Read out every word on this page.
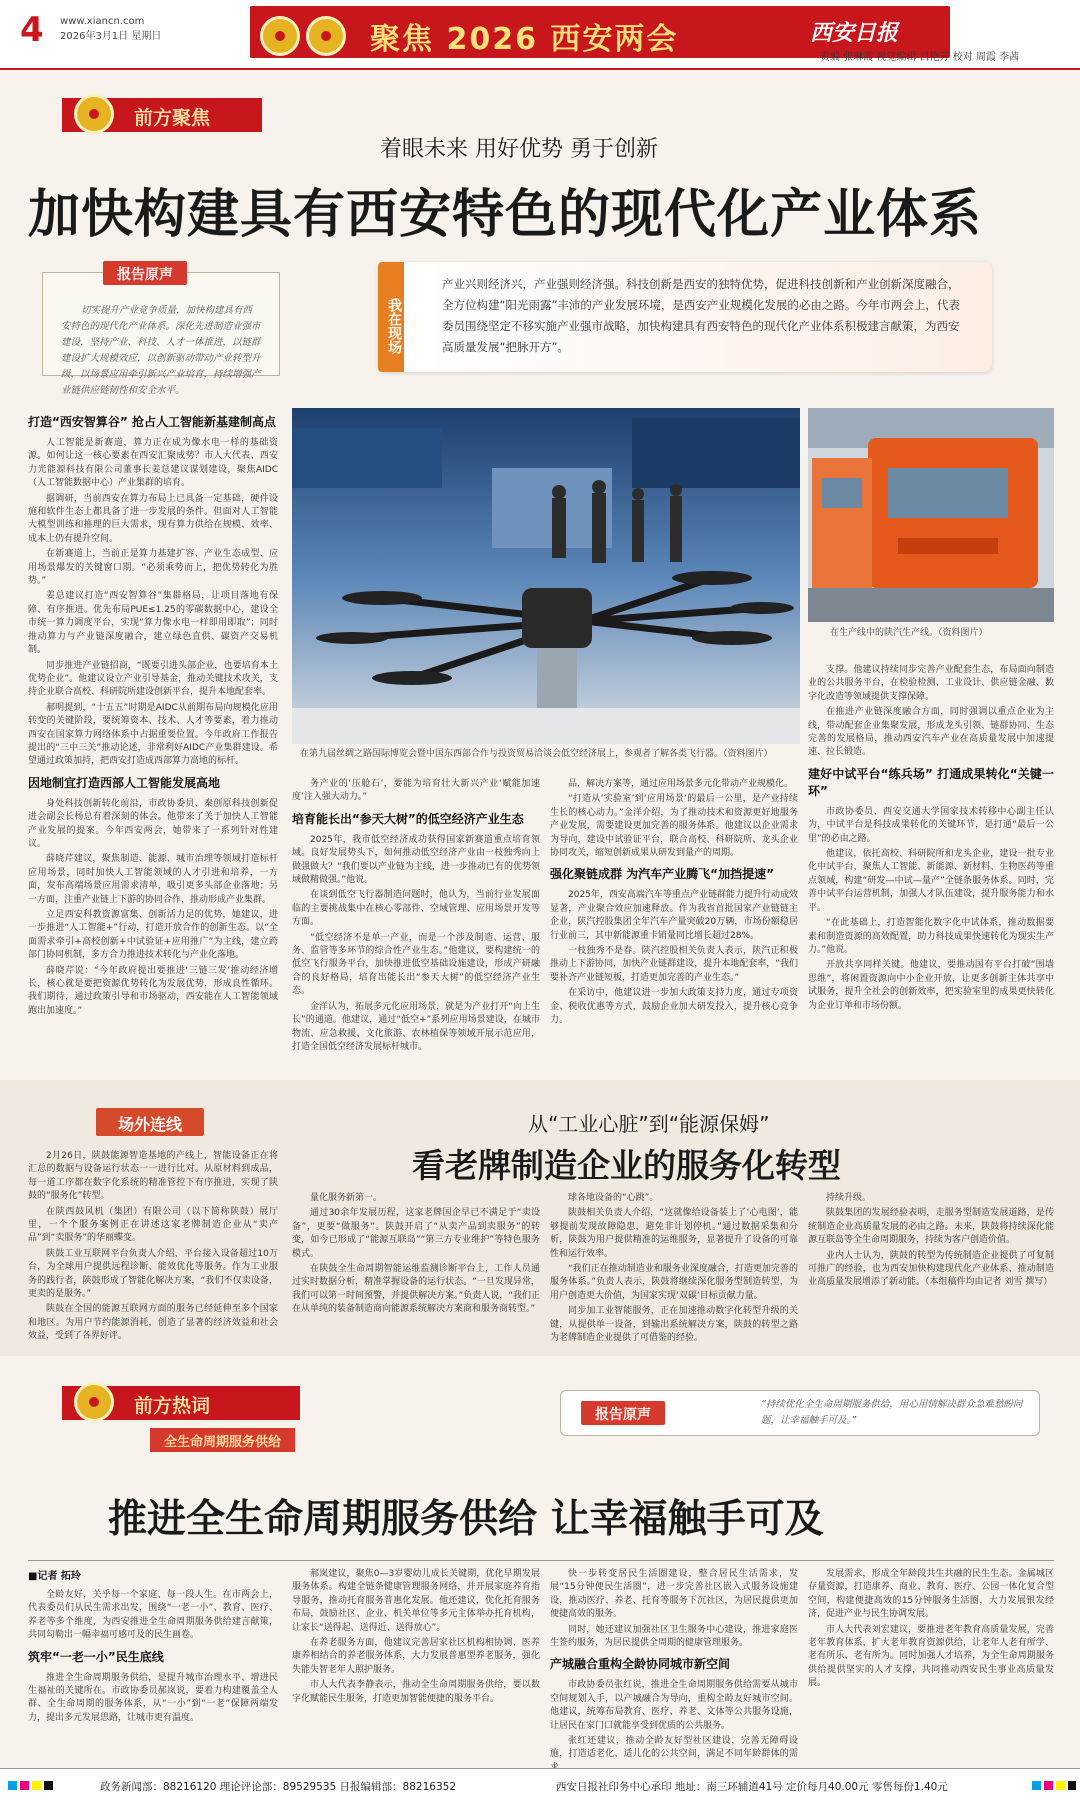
4 www.xiancn.com
2026年3月1日 星期日	聚焦 2026 西安两会	西安日报
责编 张琳霞 视觉编辑 吕艳芳 校对 周霞 李茜
前方聚焦
着眼未来 用好优势 勇于创新
加快构建具有西安特色的现代化产业体系
报告原声
切实提升产业竞争质量，加快构建具有西安特色的现代化产业体系。深化先进制造业强市建设，坚持产业、科技、人才一体推进，以链群建设扩大规模效应，以创新驱动带动产业转型升级，以场景应用牵引新兴产业培育，持续增强产业链供应链韧性和安全水平。
我在现场
产业兴则经济兴，产业强则经济强。科技创新是西安的独特优势，促进科技创新和产业创新深度融合，全方位构建“阳光雨露”丰沛的产业发展环境，是西安产业规模化发展的必由之路。今年市两会上，代表委员围绕坚定不移实施产业强市战略，加快构建具有西安特色的现代化产业体系积极建言献策，为西安高质量发展“把脉开方”。
打造“西安智算谷” 抢占人工智能新基建制高点

人工智能是新赛道，算力正在成为像水电一样的基础资源。如何让这一核心要素在西安汇聚成势？市人大代表、西安力光能源科技有限公司董事长姜总建议谋划建设，聚焦AIDC（人工智能数据中心）产业集群的培育。

据调研，当前西安在算力布局上已具备一定基础，硬件设施和软件生态上都具备了进一步发展的条件。但面对人工智能大模型训练和推理的巨大需求，现有算力供给在规模、效率、成本上仍有提升空间。

在新赛道上，当前正是算力基建扩容、产业生态成型、应用场景爆发的关键窗口期。“必须乘势而上，把优势转化为胜势。”

姜总建议打造“西安智算谷”集群格局，让项目落地有保障、有序推进。优先布局PUE≤1.25的零碳数据中心，建设全市统一算力调度平台，实现“算力像水电一样即用即取”；同时推动算力与产业链深度融合，建立绿色直供、碳资产交易机制。

同步推进产业链招商，“既要引进头部企业，也要培育本土优势企业”。他建议设立产业引导基金，推动关键技术攻关，支持企业联合高校、科研院所建设创新平台，提升本地配套率。

郝明提到，“十五五”时期是AIDC从前期布局向规模化应用转变的关键阶段，要统筹资本、技术、人才等要素，着力推动西安在国家算力网络体系中占据重要位置。今年政府工作报告提出的“三中三关”推动论述，非常利好AIDC产业集群建设。希望通过政策加持，把西安打造成西部算力高地的标杆。

因地制宜打造西部人工智能发展高地

身处科技创新转化前沿，市政协委员、秦创原科技创新促进会副会长杨总有着深刻的体会。他带来了关于加快人工智能产业发展的提案。今年西安两会，她带来了一系列针对性建议。

薛晓芹建议，聚焦制造、能源、城市治理等领域打造标杆应用场景，同时加快人工智能领域的人才引进和培养，一方面，发布高端场景应用需求清单，吸引更多头部企业落地；另一方面，注重产业链上下游的协同合作，推动形成产业集群。

立足西安科教资源富集、创新活力足的优势，她建议，进一步推进“人工智能+”行动，打造开放合作的创新生态。以“全面需求牵引+高校创新+中试验证+应用推广”为主线，建立跨部门协同机制，多方合力推进技术转化与产业化落地。

薛晓芹说：“今年政府提出要推进‘三链三发’推动经济增长，核心就是要把资源优势转化为发展优势，形成良性循环。我们期待，通过政策引导和市场驱动，西安能在人工智能领域跑出加速度。”

在第九届丝绸之路国际博览会暨中国东西部合作与投资贸易洽谈会低空经济展上，参观者了解各类飞行器。（资料图片）
在生产线中的陕汽生产线。（资料图片）

务产业的‘压舱石’，要能为培育壮大新兴产业‘赋能加速度’注入强大动力。”

培育能长出“参天大树”的低空经济产业生态

2025年，我市低空经济成功获得国家新赛道重点培育领域。良好发展势头下，如何推动低空经济产业由一枝独秀向上做强做大？“我们要以产业链为主线，进一步推动已有的优势领域做精做强。”他说。

在谈到低空飞行器制造问题时，他认为，当前行业发展面临的主要挑战集中在核心零部件、空域管理、应用场景开发等方面。

“低空经济不是单一产业，而是一个涉及制造、运营、服务、监管等多环节的综合性产业生态。”他建议，要构建统一的低空飞行服务平台，加快推进低空基础设施建设，形成产研融合的良好格局，培育出能长出“参天大树”的低空经济产业生态。

金洋认为，拓展多元化应用场景，就是为产业打开“向上生长”的通道。他建议，通过“低空+”系列应用场景建设，在城市物流、应急救援、文化旅游、农林植保等领域开展示范应用，打造全国低空经济发展标杆城市。

品，解决方案等，通过应用场景多元化带动产业规模化。

“打造从‘实验室’到‘应用场景’的最后一公里，是产业持续生长的核心动力。”金洋介绍，为了推动技术和资源更好地服务产业发展，需要建设更加完善的服务体系。他建议以企业需求为导向，建设中试验证平台，联合高校、科研院所、龙头企业协同攻关，缩短创新成果从研发到量产的周期。

强化聚链成群 为汽车产业腾飞“加挡提速”

2025年，西安高端汽车等重点产业链群能力提升行动成效显著，产业聚合效应加速释放。作为我省首批国家产业链链主企业，陕汽控股集团全年汽车产量突破20万辆，市场份额稳居行业前三，其中新能源重卡销量同比增长超过28%。

一枝独秀不是春。陕汽控股相关负责人表示，陕汽正积极推动上下游协同，加快产业链群建设，提升本地配套率，“我们要补齐产业链短板，打造更加完善的产业生态。”

在采访中，他建议进一步加大政策支持力度，通过专项资金、税收优惠等方式，鼓励企业加大研发投入，提升核心竞争力。

支撑。他建议持续同步完善产业配套生态，布局面向制造业的公共服务平台，在检验检测、工业设计、供应链金融、数字化改造等领域提供支撑保障。

在推进产业链深度融合方面，同时强调以重点企业为主线，带动配套企业集聚发展，形成龙头引领、链群协同、生态完善的发展格局，推动西安汽车产业在高质量发展中加速提速、拉长锻造。

建好中试平台“练兵场” 打通成果转化“关键一环”

市政协委员、西安交通大学国家技术转移中心副主任认为，中试平台是科技成果转化的关键环节，是打通“最后一公里”的必由之路。

他建议，依托高校、科研院所和龙头企业，建设一批专业化中试平台，聚焦人工智能、新能源、新材料、生物医药等重点领域，构建“研发—中试—量产”全链条服务体系。同时，完善中试平台运营机制，加强人才队伍建设，提升服务能力和水平。

“在此基础上，打造智能化数字化中试体系，推动数据要素和制造资源的高效配置，助力科技成果快速转化为现实生产力。”他说。

开放共享同样关键。他建议，要推动国有平台打破“围墙思维”，将闲置资源向中小企业开放，让更多创新主体共享中试服务，提升全社会的创新效率，把实验室里的成果更快转化为企业订单和市场份额。

场外连线	从“工业心脏”到“能源保姆”
看老牌制造企业的服务化转型

2月26日，陕鼓能源智造基地的产线上，智能设备正在将汇总的数据与设备运行状态一一进行比对。从原材料到成品，每一道工序都在数字化系统的精准管控下有序推进，实现了陕鼓的“服务化”转型。

在陕西鼓风机（集团）有限公司（以下简称陕鼓）展厅里，一个个服务案例正在讲述这家老牌制造企业从“卖产品”到“卖服务”的华丽蝶变。

陕鼓工业互联网平台负责人介绍，平台接入设备超过10万台，为全球用户提供远程诊断、能效优化等服务。作为工业服务的践行者，陕鼓形成了智能化解决方案，“我们不仅卖设备，更卖的是服务。”

陕鼓在全国的能源互联网方面的服务已经延伸至多个国家和地区。为用户节约能源消耗，创造了显著的经济效益和社会效益，受到了各界好评。

量化服务新第一。

通过30余年发展历程，这家老牌国企早已不满足于“卖设备”，更要“做服务”。陕鼓开启了“从卖产品到卖服务”的转变，如今已形成了“能源互联岛”“第三方专业维护”等特色服务模式。

在陕鼓全生命周期智能运维监测诊断平台上，工作人员通过实时数据分析，精准掌握设备的运行状态。“一旦发现异常，我们可以第一时间预警，并提供解决方案。”负责人说，“我们正在从单纯的装备制造商向能源系统解决方案商和服务商转型。”

球各地设备的“心跳”。

陕鼓相关负责人介绍，“这就像给设备装上了‘心电图’，能够提前发现故障隐患，避免非计划停机。”通过数据采集和分析，陕鼓为用户提供精准的运维服务，显著提升了设备的可靠性和运行效率。

“我们正在推动制造业和服务业深度融合，打造更加完善的服务体系。”负责人表示，陕鼓将继续深化服务型制造转型，为用户创造更大价值，为国家实现‘双碳’目标贡献力量。

同步加工业智能服务，正在加速推动数字化转型升级的关键，从提供单一设备，到输出系统解决方案，陕鼓的转型之路为老牌制造企业提供了可借鉴的经验。

持续升级。

陕鼓集团的发展经验表明，走服务型制造发展道路，是传统制造企业高质量发展的必由之路。未来，陕鼓将持续深化能源互联岛等全生命周期服务，持续为客户创造价值。

业内人士认为，陕鼓的转型为传统制造企业提供了可复制可推广的经验，也为西安加快构建现代化产业体系、推动制造业高质量发展增添了新动能。（本组稿件均由记者 刘雪 撰写）

前方热词
全生命周期服务供给
报告原声
“持续优化全生命周期服务供给，用心用情解决群众急难愁盼问题，让幸福触手可及。”
推进全生命周期服务供给 让幸福触手可及
■记者 拓玲

全龄友好，关乎每一个家庭、每一段人生。在市两会上，代表委员们从民生需求出发，围绕“一老一小”、教育、医疗、养老等多个维度，为西安推进全生命周期服务供给建言献策，共同勾勒出一幅幸福可感可及的民生画卷。

筑牢“一老一小”民生底线

推进全生命周期服务供给，是提升城市治理水平、增进民生福祉的关键所在。市政协委员郝岚说，要着力构建覆盖全人群、全生命周期的服务体系，从“一小”到“一老”保障两端发力，提出多元发展思路，让城市更有温度。

郝岚建议，聚焦0—3岁婴幼儿成长关键期，优化早期发展服务体系。构建全链条健康管理服务网络，并开展家庭养育指导服务，推动托育服务普惠化发展。他还建议，优化托育服务布局，鼓励社区、企业、机关单位等多元主体举办托育机构，让家长“送得起、送得近、送得放心”。

在养老服务方面，他建议完善居家社区机构相协调、医养康养相结合的养老服务体系，大力发展普惠型养老服务，强化失能失智老年人照护服务。

市人大代表李静表示，推动全生命周期服务供给，要以数字化赋能民生服务，打造更加智能便捷的服务平台。

快一步转变居民生活圈建设，整合居民生活需求，发展“15分钟便民生活圈”，进一步完善社区嵌入式服务设施建设，推动医疗、养老、托育等服务下沉社区，为居民提供更加便捷高效的服务。

同时，她还建议加强社区卫生服务中心建设，推进家庭医生签约服务，为居民提供全周期的健康管理服务。

产城融合重构全龄协同城市新空间

市政协委员张红说，推进全生命周期服务供给需要从城市空间规划入手，以产城融合为导向，重构全龄友好城市空间。他建议，统筹布局教育、医疗、养老、文体等公共服务设施，让居民在家门口就能享受到优质的公共服务。

张红还建议，推动全龄友好型社区建设，完善无障碍设施，打造适老化、适儿化的公共空间，满足不同年龄群体的需

发展需求，形成全年龄段共生共融的民生生态。金属城区存量资源，打造康养、商业、教育、医疗、公园一体化复合型空间，构建便捷高效的15分钟服务生活圈，大力发展银发经济，促进产业与民生协调发展。

市人大代表刘宏建议，要推进老年教育高质量发展，完善老年教育体系，扩大老年教育资源供给，让老年人老有所学、老有所乐、老有所为。同时加强人才培养，为全生命周期服务供给提供坚实的人才支撑，共同推动西安民生事业高质量发展。

政务新闻部：88216120 理论评论部：89529535 日报编辑部：88216352	西安日报社印务中心承印 地址：南三环辅道41号 定价每月40.00元 零售每份1.40元
